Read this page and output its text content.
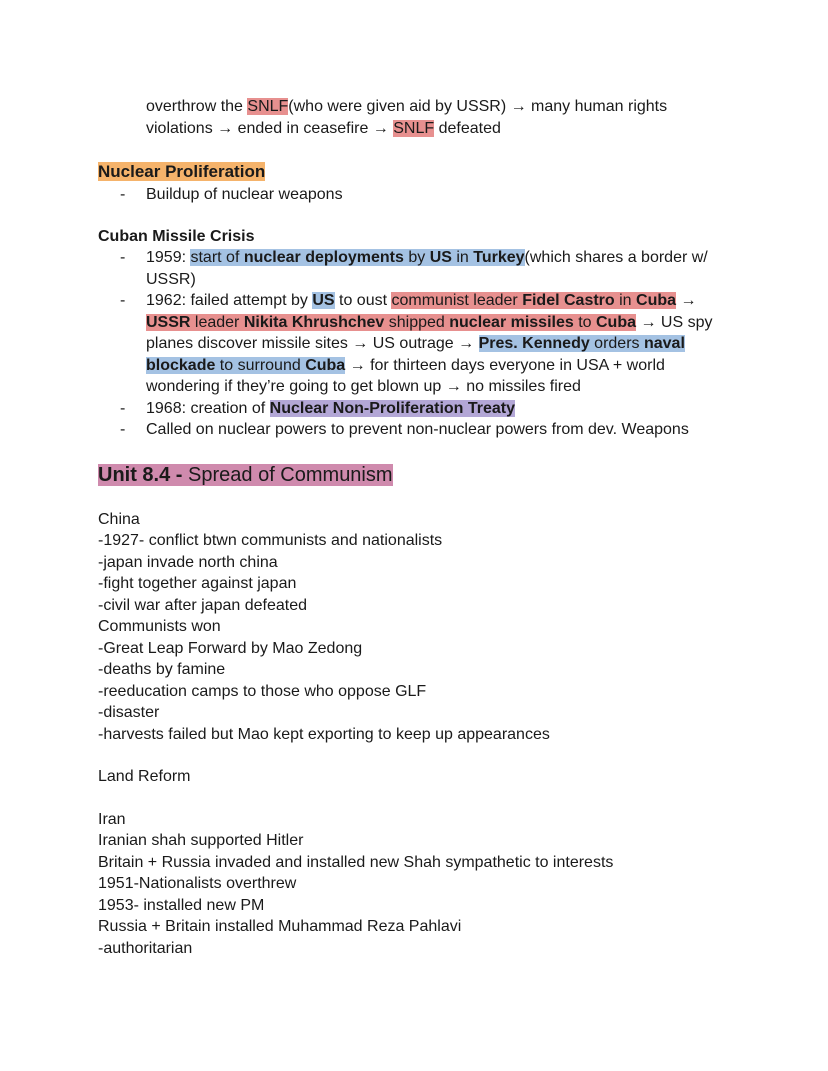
overthrow the SNLF(who were given aid by USSR) → many human rights
violations → ended in ceasefire → SNLF defeated
Nuclear Proliferation
- Buildup of nuclear weapons
Cuban Missile Crisis
- 1959: start of nuclear deployments by US in Turkey(which shares a border w/
USSR)
- 1962: failed attempt by US to oust communist leader Fidel Castro in Cuba →
USSR leader Nikita Khrushchev shipped nuclear missiles to Cuba → US spy
planes discover missile sites → US outrage → Pres. Kennedy orders naval
blockade to surround Cuba → for thirteen days everyone in USA + world
wondering if they’re going to get blown up → no missiles fired
- 1968: creation of Nuclear Non-Proliferation Treaty
- Called on nuclear powers to prevent non-nuclear powers from dev. Weapons
Unit 8.4 - Spread of Communism
China
-1927- conflict btwn communists and nationalists
-japan invade north china
-fight together against japan
-civil war after japan defeated
Communists won
-Great Leap Forward by Mao Zedong
-deaths by famine
-reeducation camps to those who oppose GLF
-disaster
-harvests failed but Mao kept exporting to keep up appearances
Land Reform
Iran
Iranian shah supported Hitler
Britain + Russia invaded and installed new Shah sympathetic to interests
1951-Nationalists overthrew
1953- installed new PM
Russia + Britain installed Muhammad Reza Pahlavi
-authoritarian
